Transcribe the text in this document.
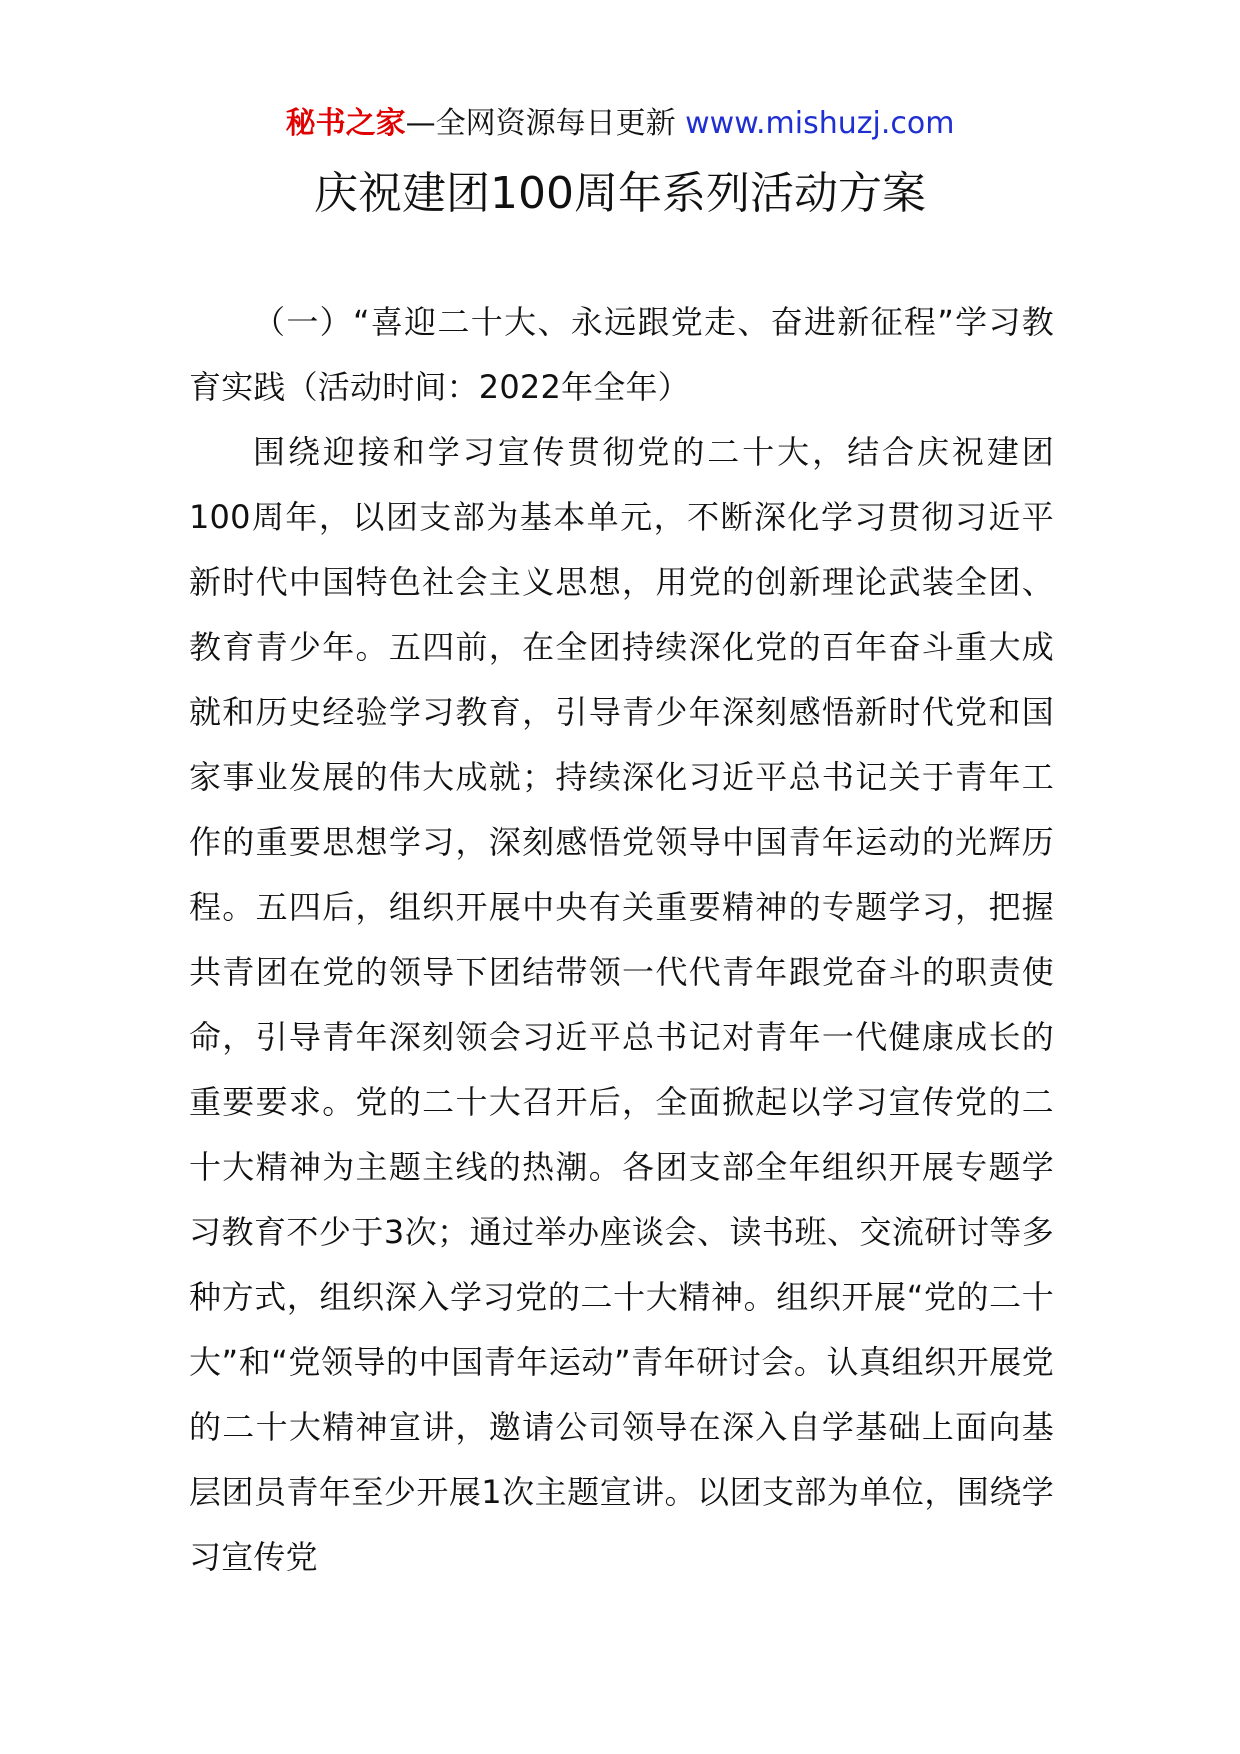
秘书之家—全网资源每日更新 www.mishuzj.com
庆祝建团100周年系列活动方案

（一）“喜迎二十大、永远跟党走、奋进新征程”学习教育实践（活动时间：2022年全年）

围绕迎接和学习宣传贯彻党的二十大，结合庆祝建团100周年，以团支部为基本单元，不断深化学习贯彻习近平新时代中国特色社会主义思想，用党的创新理论武装全团、教育青少年。五四前，在全团持续深化党的百年奋斗重大成就和历史经验学习教育，引导青少年深刻感悟新时代党和国家事业发展的伟大成就；持续深化习近平总书记关于青年工作的重要思想学习，深刻感悟党领导中国青年运动的光辉历程。五四后，组织开展中央有关重要精神的专题学习，把握共青团在党的领导下团结带领一代代青年跟党奋斗的职责使命，引导青年深刻领会习近平总书记对青年一代健康成长的重要要求。党的二十大召开后，全面掀起以学习宣传党的二十大精神为主题主线的热潮。各团支部全年组织开展专题学习教育不少于3次；通过举办座谈会、读书班、交流研讨等多种方式，组织深入学习党的二十大精神。组织开展“党的二十大”和“党领导的中国青年运动”青年研讨会。认真组织开展党的二十大精神宣讲，邀请公司领导在深入自学基础上面向基层团员青年至少开展1次主题宣讲。以团支部为单位，围绕学习宣传党
